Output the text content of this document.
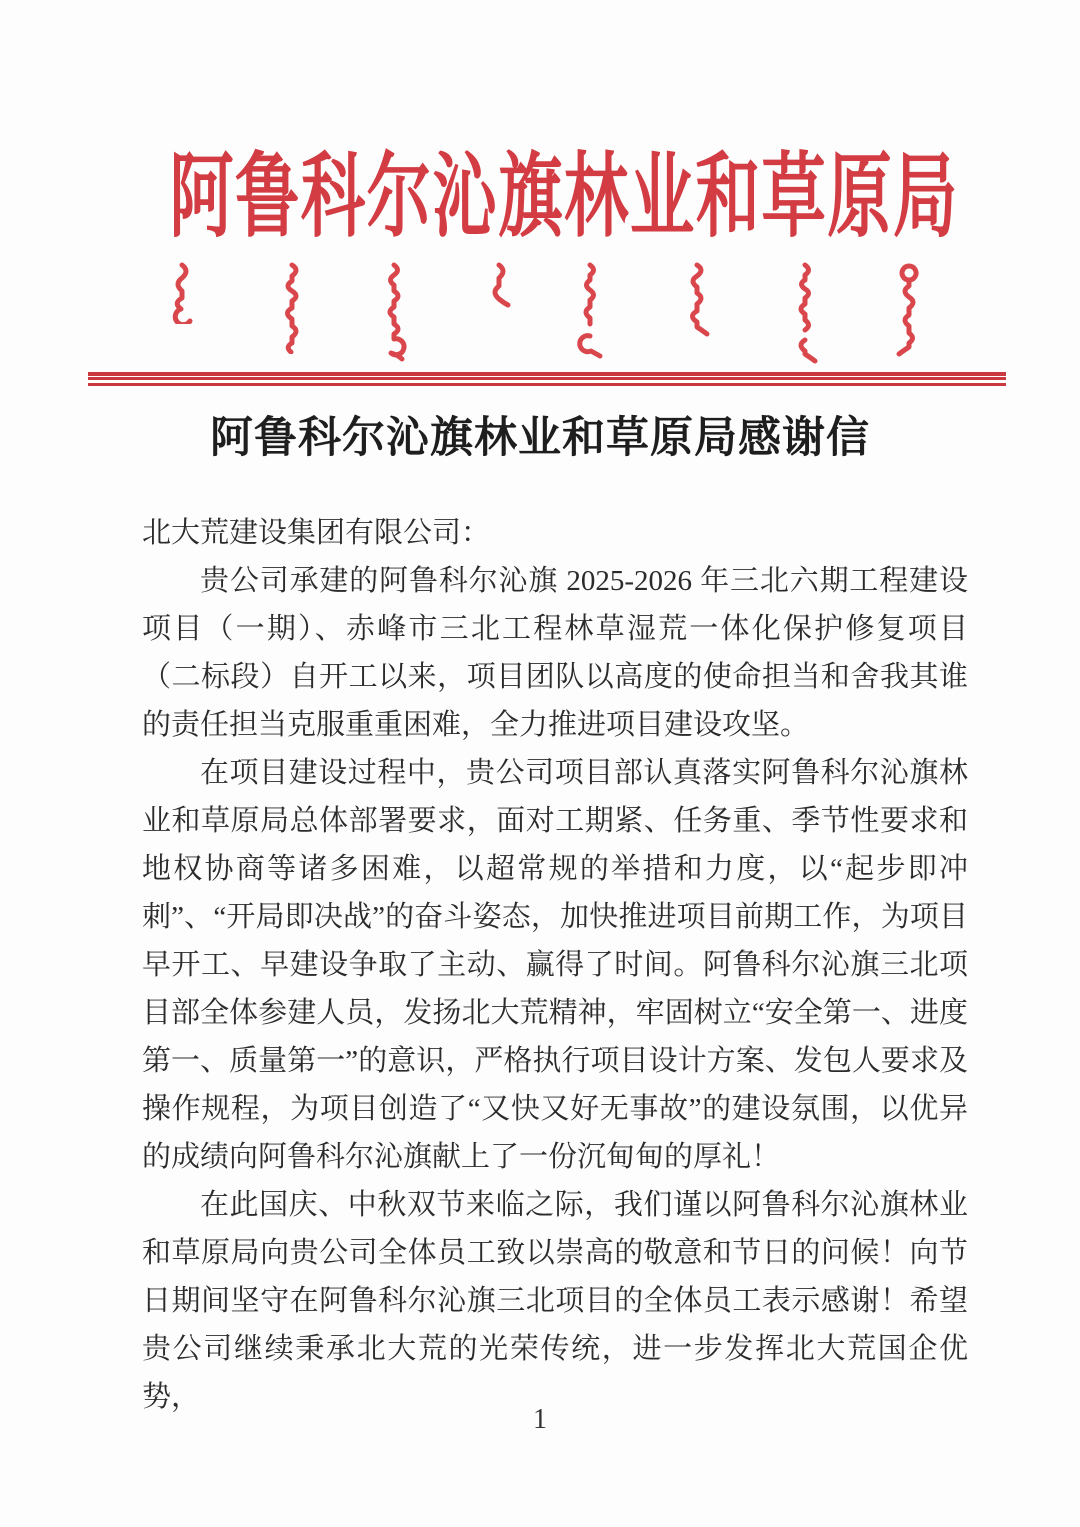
阿鲁科尔沁旗林业和草原局
阿鲁科尔沁旗林业和草原局感谢信

北大荒建设集团有限公司：

贵公司承建的阿鲁科尔沁旗 2025-2026 年三北六期工程建设项目（一期）、赤峰市三北工程林草湿荒一体化保护修复项目（二标段）自开工以来，项目团队以高度的使命担当和舍我其谁的责任担当克服重重困难，全力推进项目建设攻坚。

在项目建设过程中，贵公司项目部认真落实阿鲁科尔沁旗林业和草原局总体部署要求，面对工期紧、任务重、季节性要求和地权协商等诸多困难，以超常规的举措和力度，以“起步即冲刺”、“开局即决战”的奋斗姿态，加快推进项目前期工作，为项目早开工、早建设争取了主动、赢得了时间。阿鲁科尔沁旗三北项目部全体参建人员，发扬北大荒精神，牢固树立“安全第一、进度第一、质量第一”的意识，严格执行项目设计方案、发包人要求及操作规程，为项目创造了“又快又好无事故”的建设氛围，以优异的成绩向阿鲁科尔沁旗献上了一份沉甸甸的厚礼！

在此国庆、中秋双节来临之际，我们谨以阿鲁科尔沁旗林业和草原局向贵公司全体员工致以崇高的敬意和节日的问候！向节日期间坚守在阿鲁科尔沁旗三北项目的全体员工表示感谢！希望贵公司继续秉承北大荒的光荣传统，进一步发挥北大荒国企优势，

1
